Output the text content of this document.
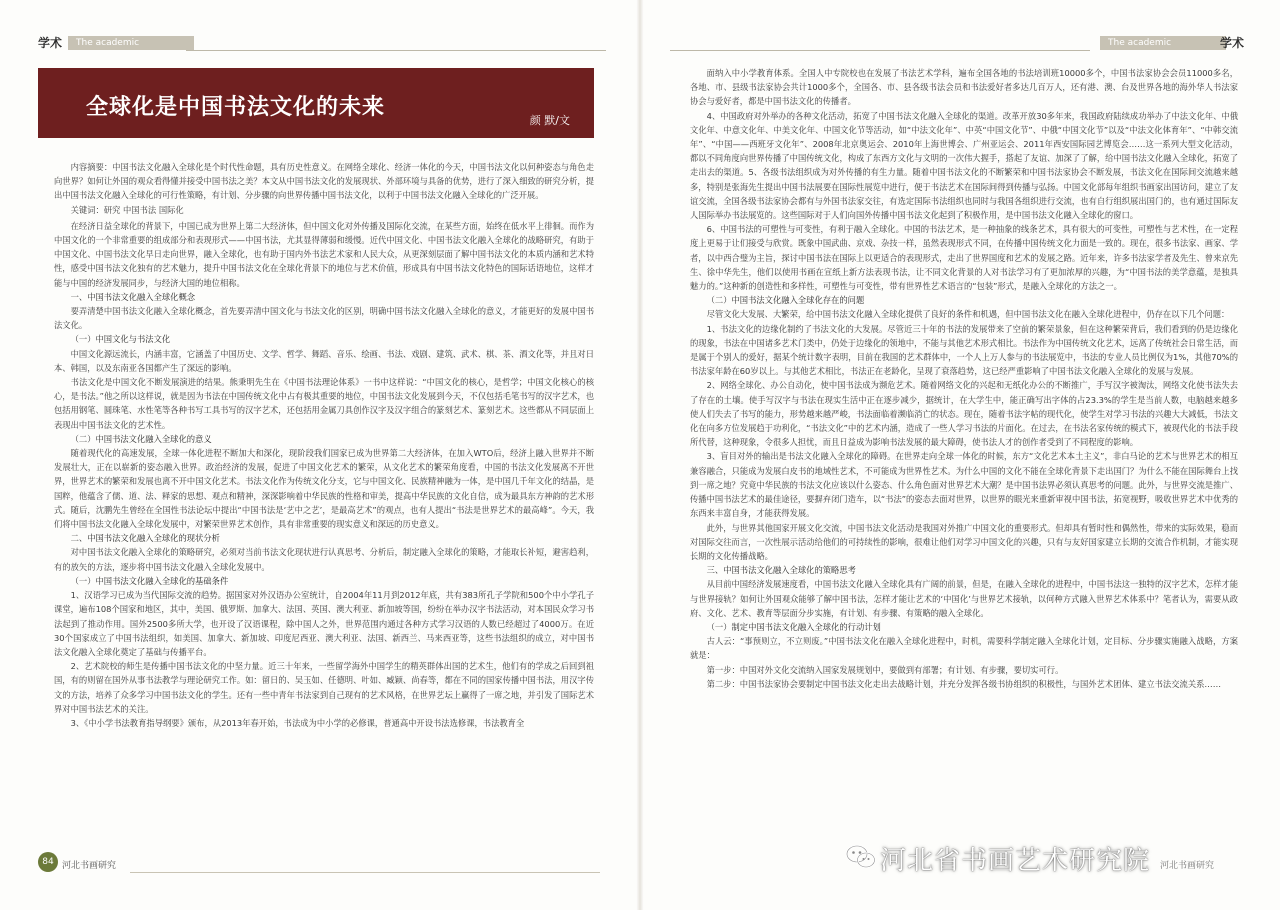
学术	The academic
全球化是中国书法文化的未来
颜 默/文

内容摘要：中国书法文化融入全球化是个时代性命题，具有历史性意义。在网络全球化、经济一体化的今天，中国书法文化以何种姿态与角色走向世界？如何让外国的观众看得懂并接受中国书法之美？本文从中国书法文化的发展现状、外部环境与具备的优势，进行了深入细致的研究分析，提出中国书法文化融入全球化的可行性策略，有计划、分步骤的向世界传播中国书法文化，以利于中国书法文化融入全球化的广泛开展。

关键词：研究 中国书法 国际化

在经济日益全球化的背景下，中国已成为世界上第二大经济体，但中国文化对外传播及国际化交流，在某些方面，始终在低水平上徘徊。而作为中国文化的一个非常重要的组成部分和表现形式——中国书法，尤其显得薄弱和缓慢。近代中国文化、中国书法文化融入全球化的战略研究，有助于中国文化、中国书法文化早日走向世界，融入全球化，也有助于国内外书法艺术家和人民大众，从更深刻层面了解中国书法文化的本质内涵和艺术特性，感受中国书法文化独有的艺术魅力，提升中国书法文化在全球化背景下的地位与艺术价值，形成具有中国书法文化特色的国际话语地位，这样才能与中国的经济发展同步，与经济大国的地位相称。

一、中国书法文化融入全球化概念

要弄清楚中国书法文化融入全球化概念，首先要弄清中国文化与书法文化的区别，明确中国书法文化融入全球化的意义，才能更好的发展中国书法文化。

（一）中国文化与书法文化

中国文化源远流长，内涵丰富，它涵盖了中国历史、文学、哲学、舞蹈、音乐、绘画、书法、戏剧、建筑、武术、棋、茶、酒文化等，并且对日本、韩国，以及东南亚各国都产生了深远的影响。

书法文化是中国文化不断发展演进的结果。熊秉明先生在《中国书法理论体系》一书中这样说：“中国文化的核心，是哲学；中国文化核心的核心，是书法。”他之所以这样说，就是因为书法在中国传统文化中占有极其重要的地位，中国书法文化发展到今天，不仅包括毛笔书写的汉字艺术，也包括用钢笔、圆珠笔、水性笔等各种书写工具书写的汉字艺术，还包括用金属刀具创作汉字及汉字组合的篆刻艺术、篆刻艺术。这些都从不同层面上表现出中国书法文化的艺术性。

（二）中国书法文化融入全球化的意义

随着现代化的高速发展，全球一体化进程不断加大和深化，现阶段我们国家已成为世界第二大经济体，在加入WTO后，经济上融入世界并不断发展壮大，正在以崭新的姿态融入世界。政治经济的发展，促进了中国文化艺术的繁荣，从文化艺术的繁荣角度看，中国的书法文化发展离不开世界，世界艺术的繁荣和发展也离不开中国文化艺术。书法文化作为传统文化分支，它与中国文化、民族精神融为一体，是中国几千年文化的结晶，是国粹，他蕴含了儒、道、法、释家的思想、观点和精神，深深影响着中华民族的性格和审美，提高中华民族的文化自信，成为最具东方神韵的艺术形式。随后，沈鹏先生曾经在全国性书法论坛中提出“中国书法是‘艺中之艺’，是最高艺术”的观点，也有人提出“书法是世界艺术的最高峰”。今天，我们将中国书法文化融入全球化发展中，对繁荣世界艺术创作，具有非常重要的现实意义和深远的历史意义。

二、中国书法文化融入全球化的现状分析

对中国书法文化融入全球化的策略研究，必须对当前书法文化现状进行认真思考、分析后，制定融入全球化的策略，才能取长补短，避害趋利，有的放矢的方法，逐步将中国书法文化融入全球化发展中。

（一）中国书法文化融入全球化的基础条件

1、汉语学习已成为当代国际交流的趋势。据国家对外汉语办公室统计，自2004年11月到2012年底，共有383所孔子学院和500个中小学孔子课堂，遍布108个国家和地区，其中，美国、俄罗斯、加拿大、法国、英国、澳大利亚、新加坡等国，纷纷在举办汉字书法活动，对本国民众学习书法起到了推动作用。国外2500多所大学，也开设了汉语课程，除中国人之外，世界范围内通过各种方式学习汉语的人数已经超过了4000万。在近30个国家成立了中国书法组织，如美国、加拿大、新加坡、印度尼西亚、澳大利亚、法国、新西兰、马来西亚等，这些书法组织的成立，对中国书法文化融入全球化奠定了基础与传播平台。

2、艺术院校的师生是传播中国书法文化的中坚力量。近三十年来，一些留学海外中国学生的精英群体出国的艺术生，他们有的学成之后回到祖国，有的则留在国外从事书法教学与理论研究工作。如：留日的、吴玉如、任德明、叶如、臧颖、尚春等，都在不同的国家传播中国书法，用汉字传文的方法，培养了众多学习中国书法文化的学生。还有一些中青年书法家到自己现有的艺术风格，在世界艺坛上赢得了一席之地，并引发了国际艺术界对中国书法艺术的关注。

3、《中小学书法教育指导纲要》颁布，从2013年春开始，书法成为中小学的必修课，普通高中开设书法选修课，书法教育全

84 河北书画研究
The academic	学术

面纳入中小学教育体系。全国人中专院校也在发展了书法艺术学科，遍布全国各地的书法培训班10000多个，中国书法家协会会员11000多名，各地、市、县级书法家协会共计1000多个，全国各、市、县各级书法会员和书法爱好者多达几百万人，还有港、澳、台及世界各地的海外华人书法家协会与爱好者，都是中国书法文化的传播者。

4、中国政府对外举办的各种文化活动，拓宽了中国书法文化融入全球化的渠道。改革开放30多年来，我国政府陆续成功举办了中法文化年、中俄文化年、中意文化年、中美文化年、中国文化节等活动，如“中法文化年”、中英“中国文化节”、中俄“中国文化节”以及“中法文化体育年”、“中韩交流年”、“中国——西班牙文化年”、2008年北京奥运会、2010年上海世博会、广州亚运会、2011年西安国际园艺博览会……这一系列大型文化活动，都以不同角度向世界传播了中国传统文化，构成了东西方文化与文明的一次伟大握手，搭起了友谊、加深了了解，给中国书法文化融入全球化，拓宽了走出去的渠道。5、各级书法组织成为对外传播的有生力量。随着中国书法文化的不断繁荣和中国书法家协会不断发展，书法文化在国际间交流越来越多，特别是张海先生提出中国书法展要在国际性展览中进行，便于书法艺术在国际间得到传播与弘扬。中国文化部每年组织书画家出国访问，建立了友谊交流，全国各级书法家协会都有与外国书法家交往，有选定国际书法组织也同时与我国各组织进行交流，也有自行组织展出国门的，也有通过国际友人国际举办书法展览的。这些国际对于人们向国外传播中国书法文化起到了积极作用，是中国书法文化融入全球化的窗口。

6、中国书法的可塑性与可变性，有利于融入全球化。中国的书法艺术，是一种抽象的线条艺术，具有很大的可变性，可塑性与艺术性，在一定程度上更易于让们接受与欣赏。既象中国武曲、京戏、杂技一样，虽然表现形式不同，在传播中国传统文化力面是一致的。现在，很多书法家、画家、学者，以中西合璧为主旨，探讨中国书法在国际上以更适合的表现形式，走出了世界国度和艺术的发展之路。近年来，许多书法家学者及先生、曾来京先生、徐中华先生，他们以使用书画在宣纸上新方法表现书法，让不同文化背景的人对书法学习有了更加浓厚的兴趣，为“中国书法的美学意蕴，是独具魅力的。”这种新的创造性和多样性，可塑性与可变性，带有世界性艺术语言的“包装”形式，是融入全球化的方法之一。

（二）中国书法文化融入全球化存在的问题

尽管文化大发展、大繁荣，给中国书法文化融入全球化提供了良好的条件和机遇，但中国书法文化在融入全球化进程中，仍存在以下几个问题：

1、书法文化的边缘化制约了书法文化的大发展。尽管近三十年的书法的发展带来了空前的繁荣景象，但在这种繁荣背后，我们看到的仍是边缘化的现象，书法在中国诸多艺术门类中，仍处于边缘化的领地中，不能与其他艺术形式相比。书法作为中国传统文化艺术，远离了传统社会日常生活，而是属于个别人的爱好，据某个统计数字表明，目前在我国的艺术群体中，一个人上万人参与的书法展览中，书法的专业人员比例仅为1%，其他70%的书法家年龄在60岁以上。与其他艺术相比，书法正在老龄化，呈现了衰落趋势，这已经严重影响了中国书法文化融入全球化的发展与发展。

2、网络全球化、办公自动化，使中国书法成为濒危艺术。随着网络文化的兴起和无纸化办公的不断推广，手写汉字被淘汰，网络文化使书法失去了存在的土壤。使手写汉字与书法在现实生活中正在逐步减少，据统计，在大学生中，能正确写出字体的占23.3%的学生是当前人数，电脑越来越多使人们失去了书写的能力，形势越来越严峻，书法面临着濒临消亡的状态。现在，随着书法字帖的现代化，使学生对学习书法的兴趣大大减低，书法文化在向多方位发展趋于功利化，“书法文化”中的艺术内涵，造成了一些人学习书法的片面化。在过去，在书法名家传统的模式下，被现代化的书法手段所代替，这种现象，令很多人担忧，而且日益成为影响书法发展的最大障碍，使书法人才的创作者受到了不同程度的影响。

3、盲目对外的输出是书法文化融入全球化的障碍。在世界走向全球一体化的时候，东方“文化艺术本土主义”，非白马论的艺术与世界艺术的相互兼容融合，只能成为发展白皮书的地域性艺术，不可能成为世界性艺术。为什么中国的文化不能在全球化背景下走出国门？为什么不能在国际舞台上找到一席之地？究竟中华民族的书法文化应该以什么姿态、什么角色面对世界艺术大潮？是中国书法界必须认真思考的问题。此外，与世界交流是推广、传播中国书法艺术的最佳途径，要摒弃闭门造车，以“书法”的姿态去面对世界，以世界的眼光来重新审视中国书法，拓宽视野，吸收世界艺术中优秀的东西来丰富自身，才能获得发展。

此外，与世界其他国家开展文化交流，中国书法文化活动是我国对外推广中国文化的重要形式。但却具有暂时性和偶然性，带来的实际效果，稳而对国际交往而言，一次性展示活动给他们的可持续性的影响，很难让他们对学习中国文化的兴趣，只有与友好国家建立长期的交流合作机制，才能实现长期的文化传播战略。

三、中国书法文化融入全球化的策略思考

从目前中国经济发展速度看，中国书法文化融入全球化具有广阔的前景，但是，在融入全球化的进程中，中国书法这一独特的汉字艺术，怎样才能与世界接轨？如何让外国观众能够了解中国书法，怎样才能让艺术的‘中国化’与世界艺术接轨，以何种方式融入世界艺术体系中？笔者认为，需要从政府、文化、艺术、教育等层面分步实施，有计划、有步骤、有策略的融入全球化。

（一）制定中国书法文化融入全球化的行动计划

古人云：“事预则立，不立则废。”中国书法文化在融入全球化进程中，时机，需要科学制定融入全球化计划，定目标、分步骤实施融入战略，方案就是：

第一步：中国对外文化交流纳入国家发展规划中，要做到有部署；有计划、有步骤，要切实可行。

第二步：中国书法家协会要制定中国书法文化走出去战略计划，并充分发挥各级书协组织的积极性，与国外艺术团体、建立书法交流关系……

河北书画研究
河北省书画艺术研究院
